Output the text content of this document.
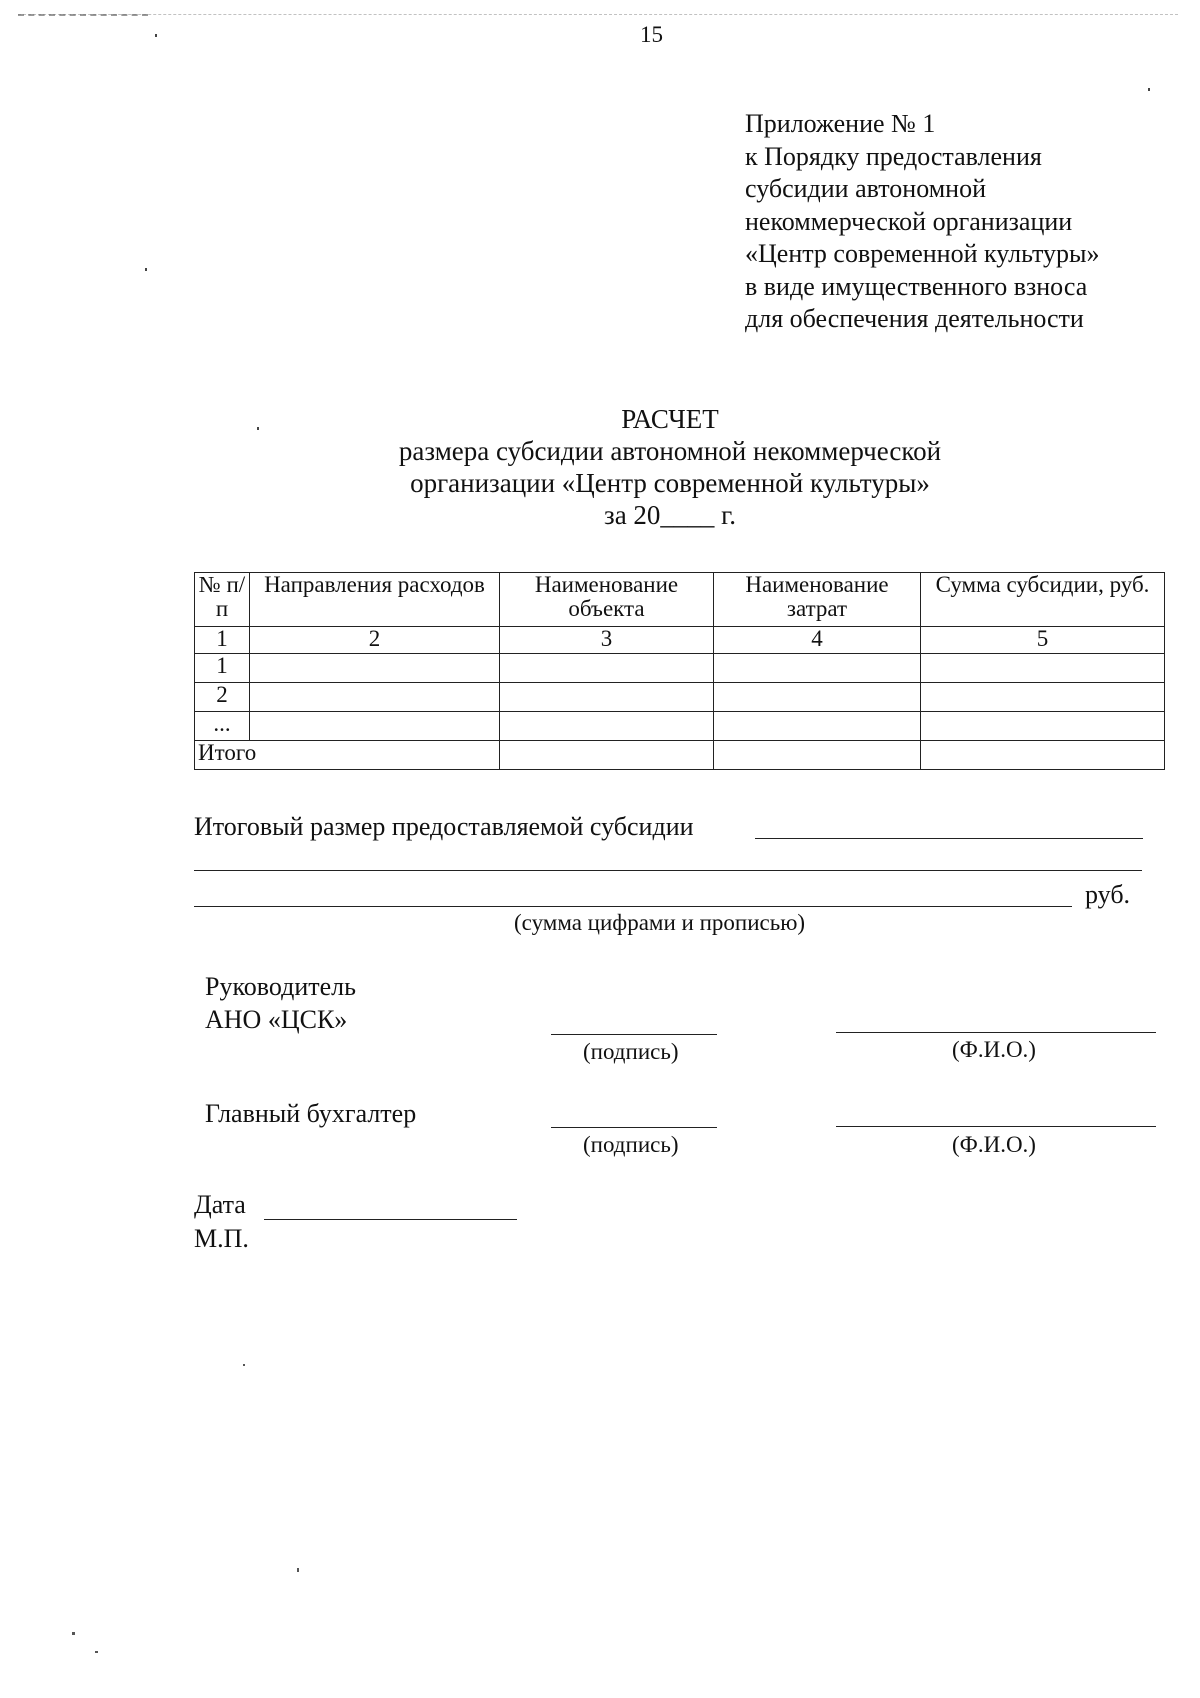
15
Приложение № 1
к Порядку предоставления
субсидии автономной
некоммерческой организации
«Центр современной культуры»
в виде имущественного взноса
для обеспечения деятельности
РАСЧЕТ
размера субсидии автономной некоммерческой
организации «Центр современной культуры»
за 20____ г.
№ п/п	Направления расходов	Наименование объекта	Наименование затрат	Сумма субсидии, руб.
1	2	3	4	5
1				
2				
...				
Итого				
Итоговый размер предоставляемой субсидии
руб.
(сумма цифрами и прописью)
Руководитель
АНО «ЦСК»
(подпись)	(Ф.И.О.)
Главный бухгалтер
(подпись)	(Ф.И.О.)
Дата
М.П.
